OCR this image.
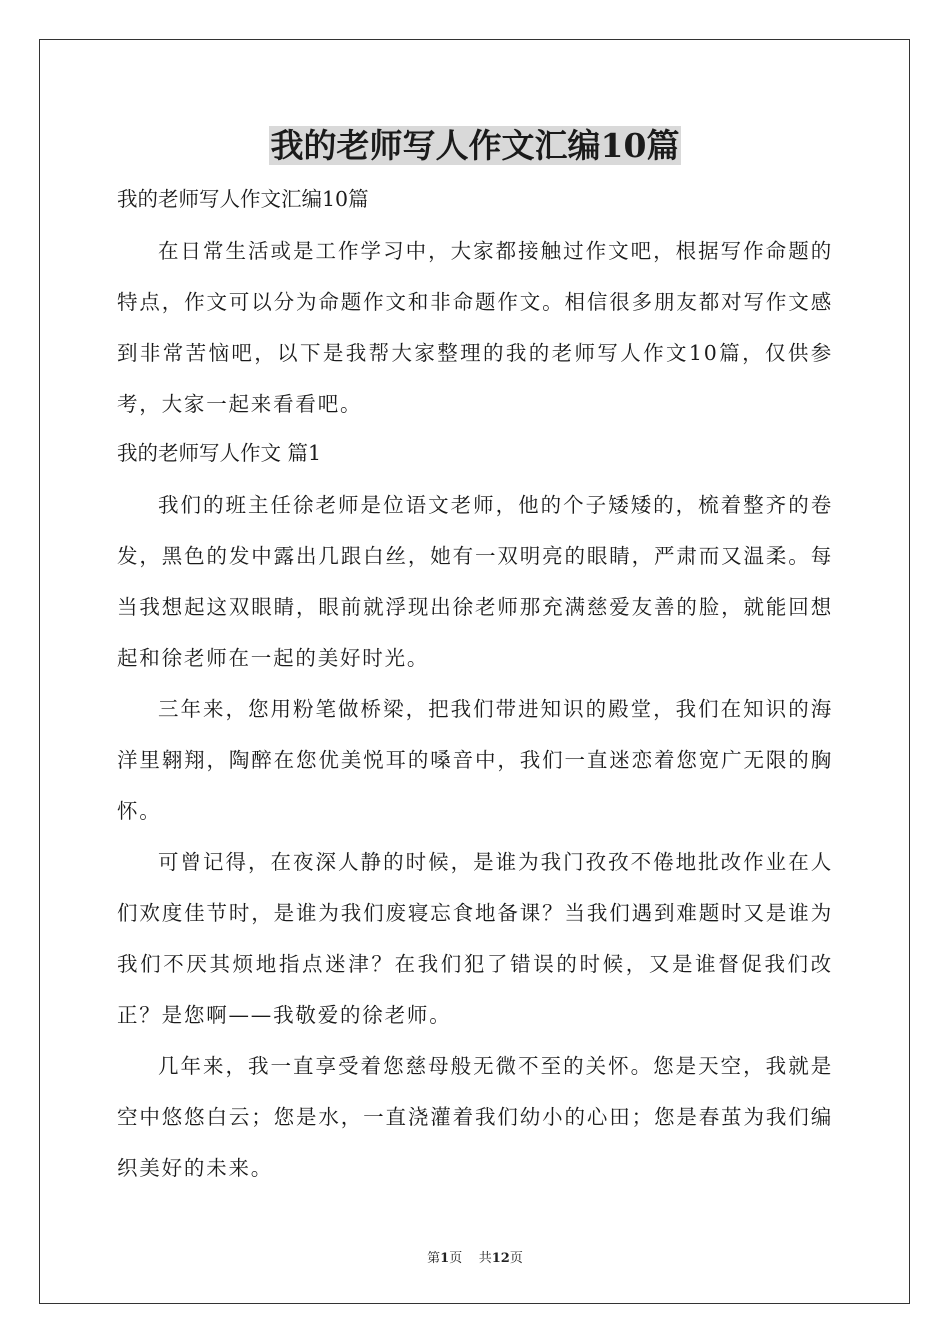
我的老师写人作文汇编10篇
我的老师写人作文汇编10篇

在日常生活或是工作学习中，大家都接触过作文吧，根据写作命题的特点，作文可以分为命题作文和非命题作文。相信很多朋友都对写作文感到非常苦恼吧，以下是我帮大家整理的我的老师写人作文10篇，仅供参考，大家一起来看看吧。

我的老师写人作文 篇1

我们的班主任徐老师是位语文老师，他的个子矮矮的，梳着整齐的卷发，黑色的发中露出几跟白丝，她有一双明亮的眼睛，严肃而又温柔。每当我想起这双眼睛，眼前就浮现出徐老师那充满慈爱友善的脸，就能回想起和徐老师在一起的美好时光。

三年来，您用粉笔做桥梁，把我们带进知识的殿堂，我们在知识的海洋里翱翔，陶醉在您优美悦耳的嗓音中，我们一直迷恋着您宽广无限的胸怀。

可曾记得，在夜深人静的时候，是谁为我门孜孜不倦地批改作业在人们欢度佳节时，是谁为我们废寝忘食地备课？当我们遇到难题时又是谁为我们不厌其烦地指点迷津？在我们犯了错误的时候，又是谁督促我们改正？是您啊——我敬爱的徐老师。

几年来，我一直享受着您慈母般无微不至的关怀。您是天空，我就是空中悠悠白云；您是水，一直浇灌着我们幼小的心田；您是春茧为我们编织美好的未来。

第1页    共12页
